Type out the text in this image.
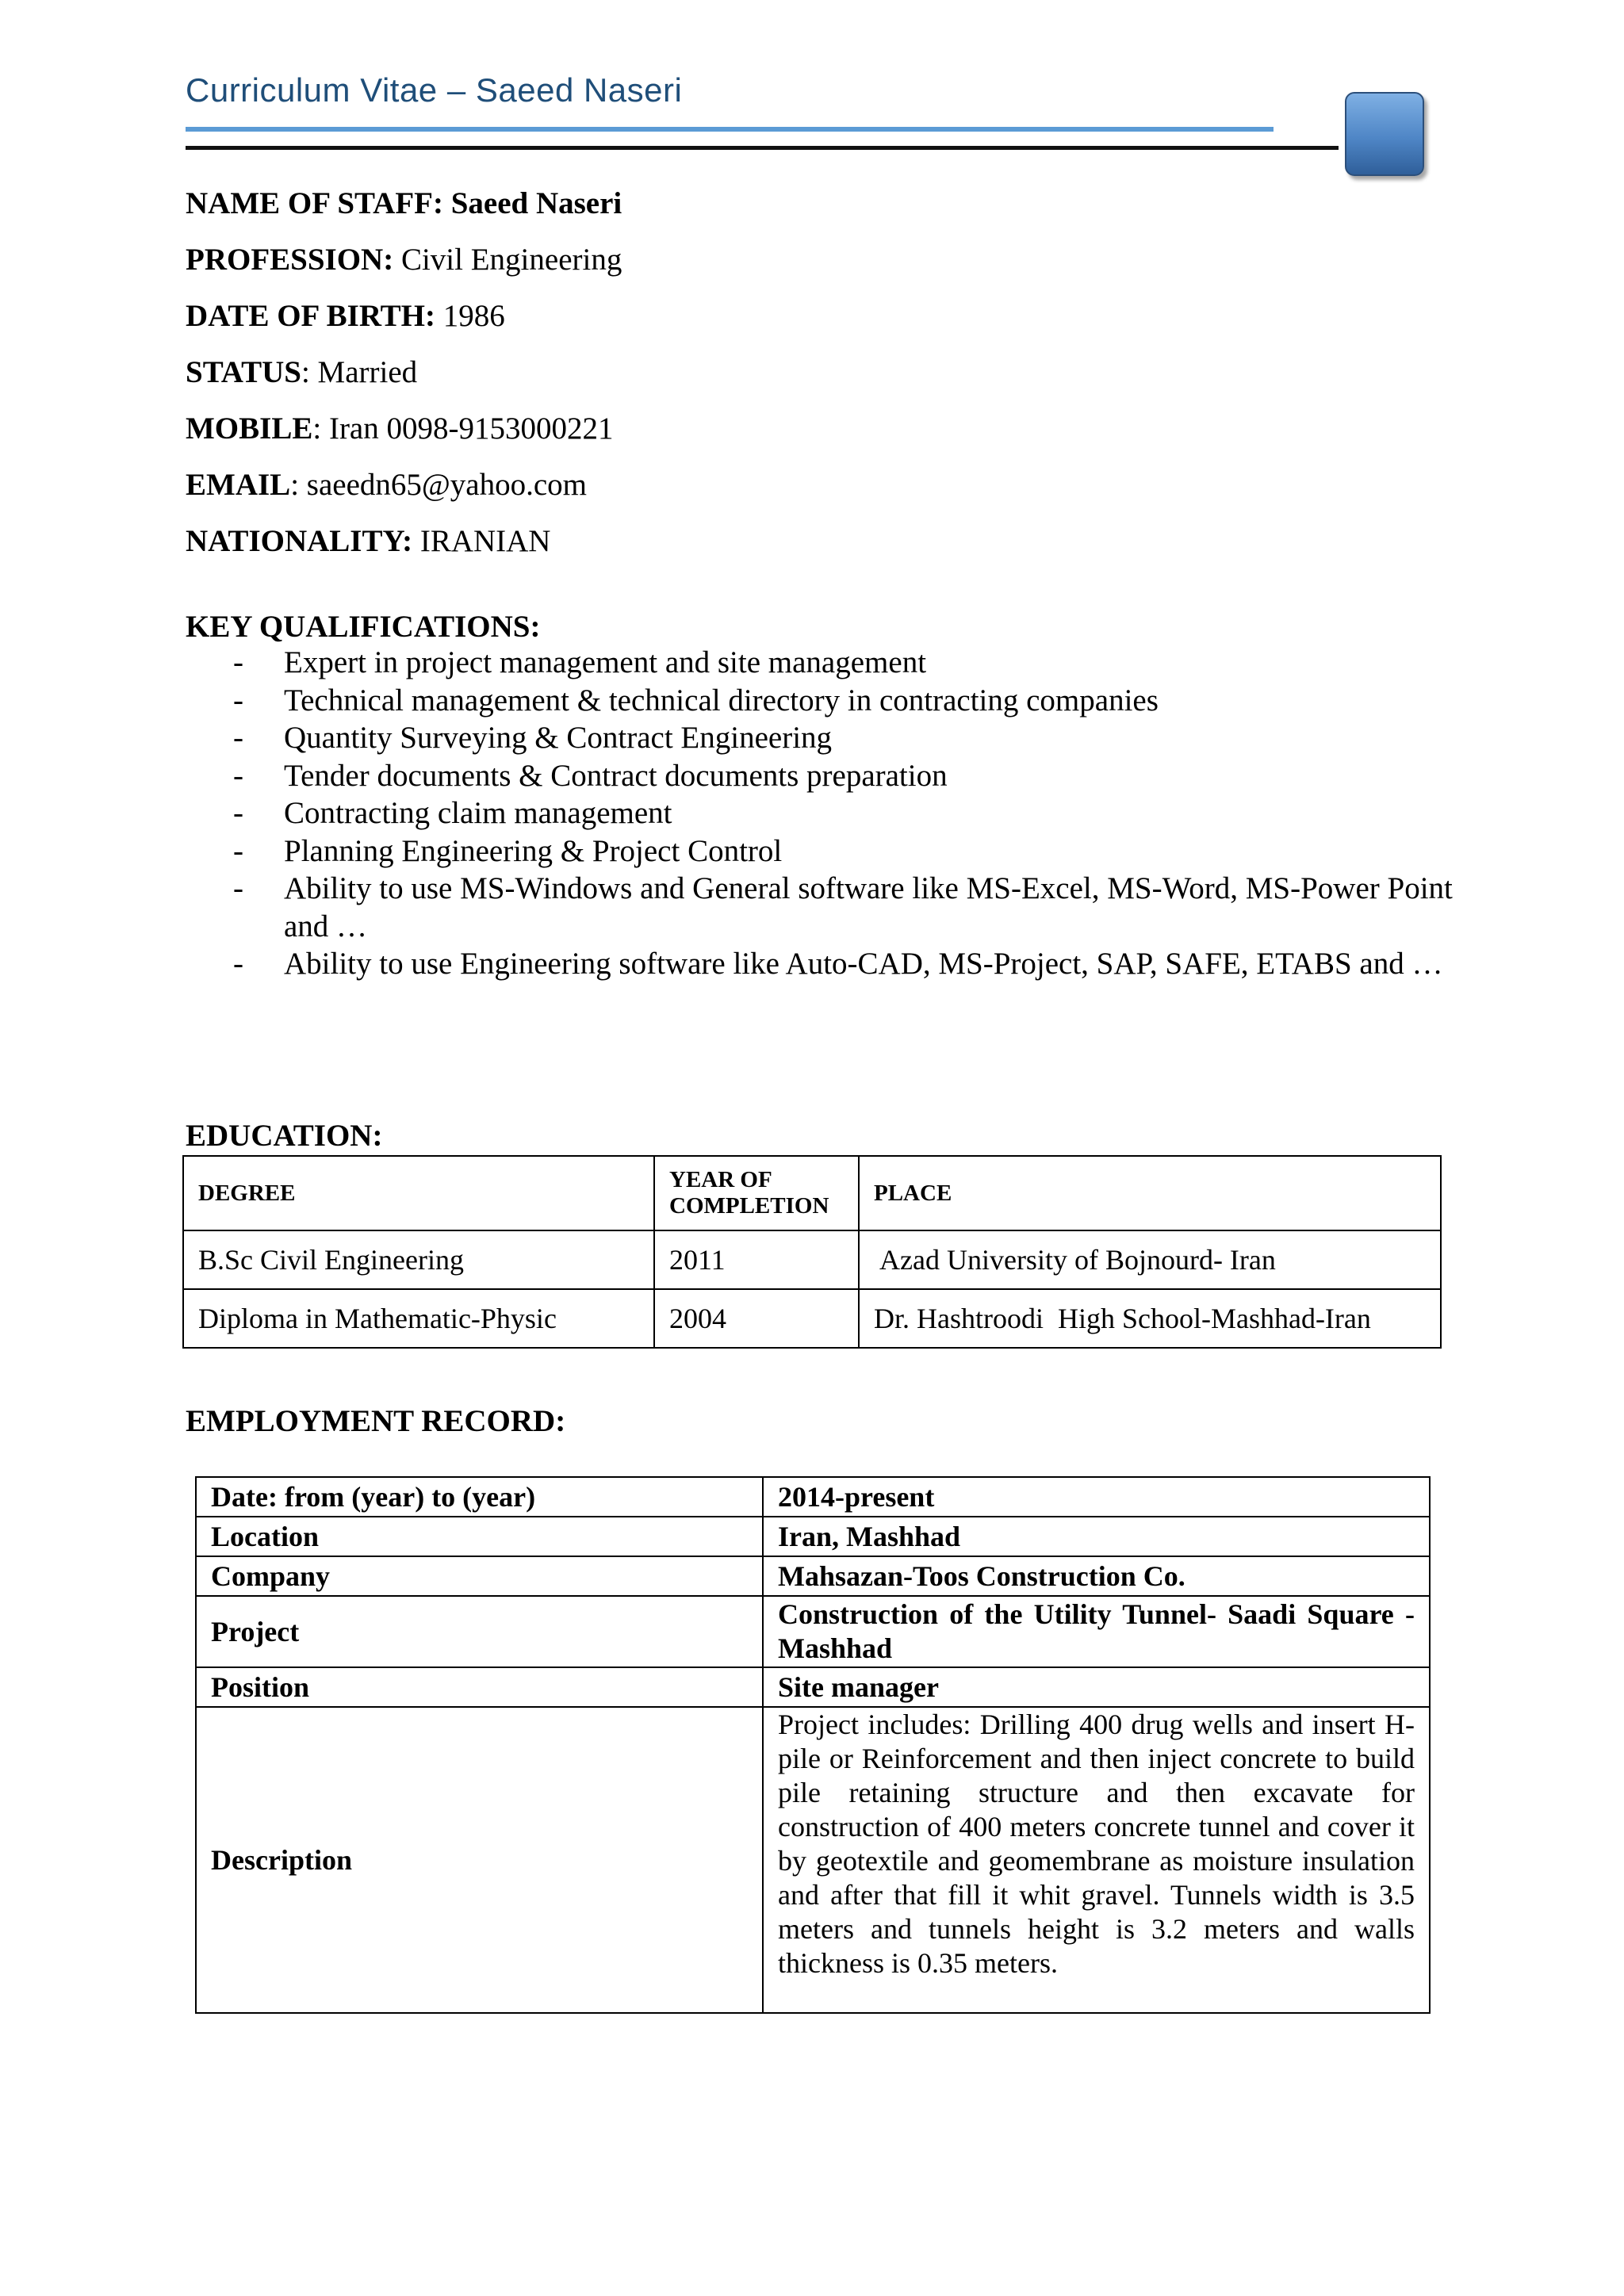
Curriculum Vitae – Saeed Naseri
NAME OF STAFF: Saeed Naseri
PROFESSION: Civil Engineering
DATE OF BIRTH: 1986
STATUS: Married
MOBILE: Iran 0098-9153000221
EMAIL: saeedn65@yahoo.com
NATIONALITY: IRANIAN
KEY QUALIFICATIONS:
- Expert in project management and site management
- Technical management & technical directory in contracting companies
- Quantity Surveying & Contract Engineering
- Tender documents & Contract documents preparation
- Contracting claim management
- Planning Engineering & Project Control
- Ability to use MS-Windows and General software like MS-Excel, MS-Word, MS-Power Point and …
- Ability to use Engineering software like Auto-CAD, MS-Project, SAP, SAFE, ETABS and …
EDUCATION:
DEGREE	YEAR OF COMPLETION	PLACE
B.Sc Civil Engineering	2011	Azad University of Bojnourd- Iran
Diploma in Mathematic-Physic	2004	Dr. Hashtroodi  High School-Mashhad-Iran
EMPLOYMENT RECORD:
Date: from (year) to (year)	2014-present
Location	Iran, Mashhad
Company	Mahsazan-Toos Construction Co.
Project	Construction of the Utility Tunnel- Saadi Square - Mashhad
Position	Site manager
Description	Project includes: Drilling 400 drug wells and insert H-pile or Reinforcement and then inject concrete to build pile retaining structure and then excavate for construction of 400 meters concrete tunnel and cover it by geotextile and geomembrane as moisture insulation and after that fill it whit gravel. Tunnels width is 3.5 meters and tunnels height is 3.2 meters and walls thickness is 0.35 meters.
